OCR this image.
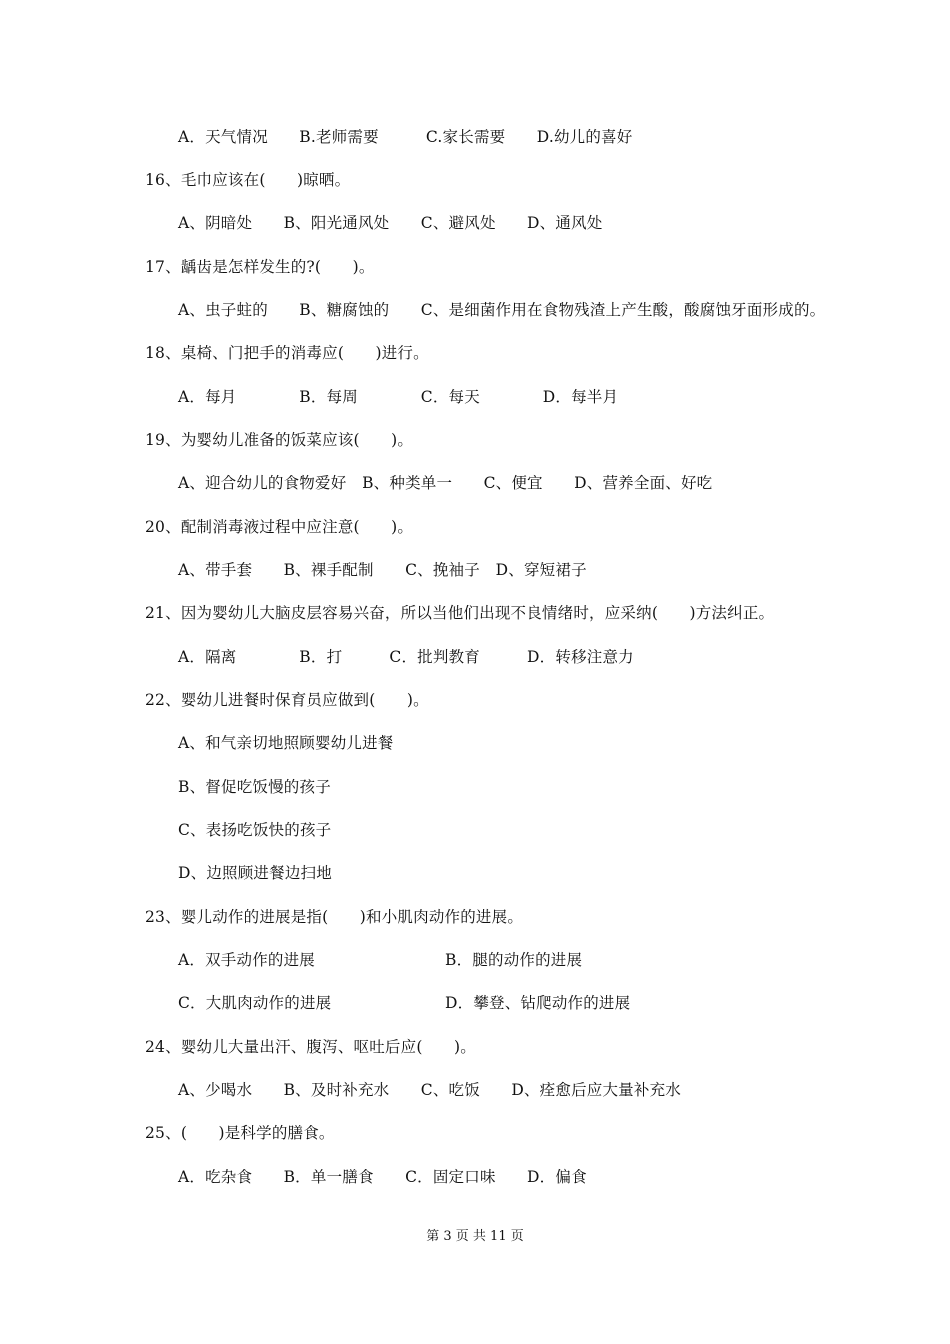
A．天气情况　　B.老师需要　　　C.家长需要　　D.幼儿的喜好
16、毛巾应该在(　　)晾晒。
A、阴暗处　　B、阳光通风处　　C、避风处　　D、通风处
17、龋齿是怎样发生的?(　　)。
A、虫子蛀的　　B、糖腐蚀的　　C、是细菌作用在食物残渣上产生酸，酸腐蚀牙面形成的。
18、桌椅、门把手的消毒应(　　)进行。
A．每月　　　　B．每周　　　　C．每天　　　　D．每半月
19、为婴幼儿准备的饭菜应该(　　)。
A、迎合幼儿的食物爱好　B、种类单一　　C、便宜　　D、营养全面、好吃
20、配制消毒液过程中应注意(　　)。
A、带手套　　B、裸手配制　　C、挽袖子　D、穿短裙子
21、因为婴幼儿大脑皮层容易兴奋，所以当他们出现不良情绪时，应采纳(　　)方法纠正。
A．隔离　　　　B．打　　　C．批判教育　　　D．转移注意力
22、婴幼儿进餐时保育员应做到(　　)。
A、和气亲切地照顾婴幼儿进餐
B、督促吃饭慢的孩子
C、表扬吃饭快的孩子
D、边照顾进餐边扫地
23、婴儿动作的进展是指(　　)和小肌肉动作的进展。
A．双手动作的进展	B．腿的动作的进展
C．大肌肉动作的进展	D．攀登、钻爬动作的进展
24、婴幼儿大量出汗、腹泻、呕吐后应(　　)。
A、少喝水　　B、及时补充水　　C、吃饭　　D、痊愈后应大量补充水
25、(　　)是科学的膳食。
A．吃杂食　　B．单一膳食　　C．固定口味　　D．偏食
第 3 页 共 11 页
